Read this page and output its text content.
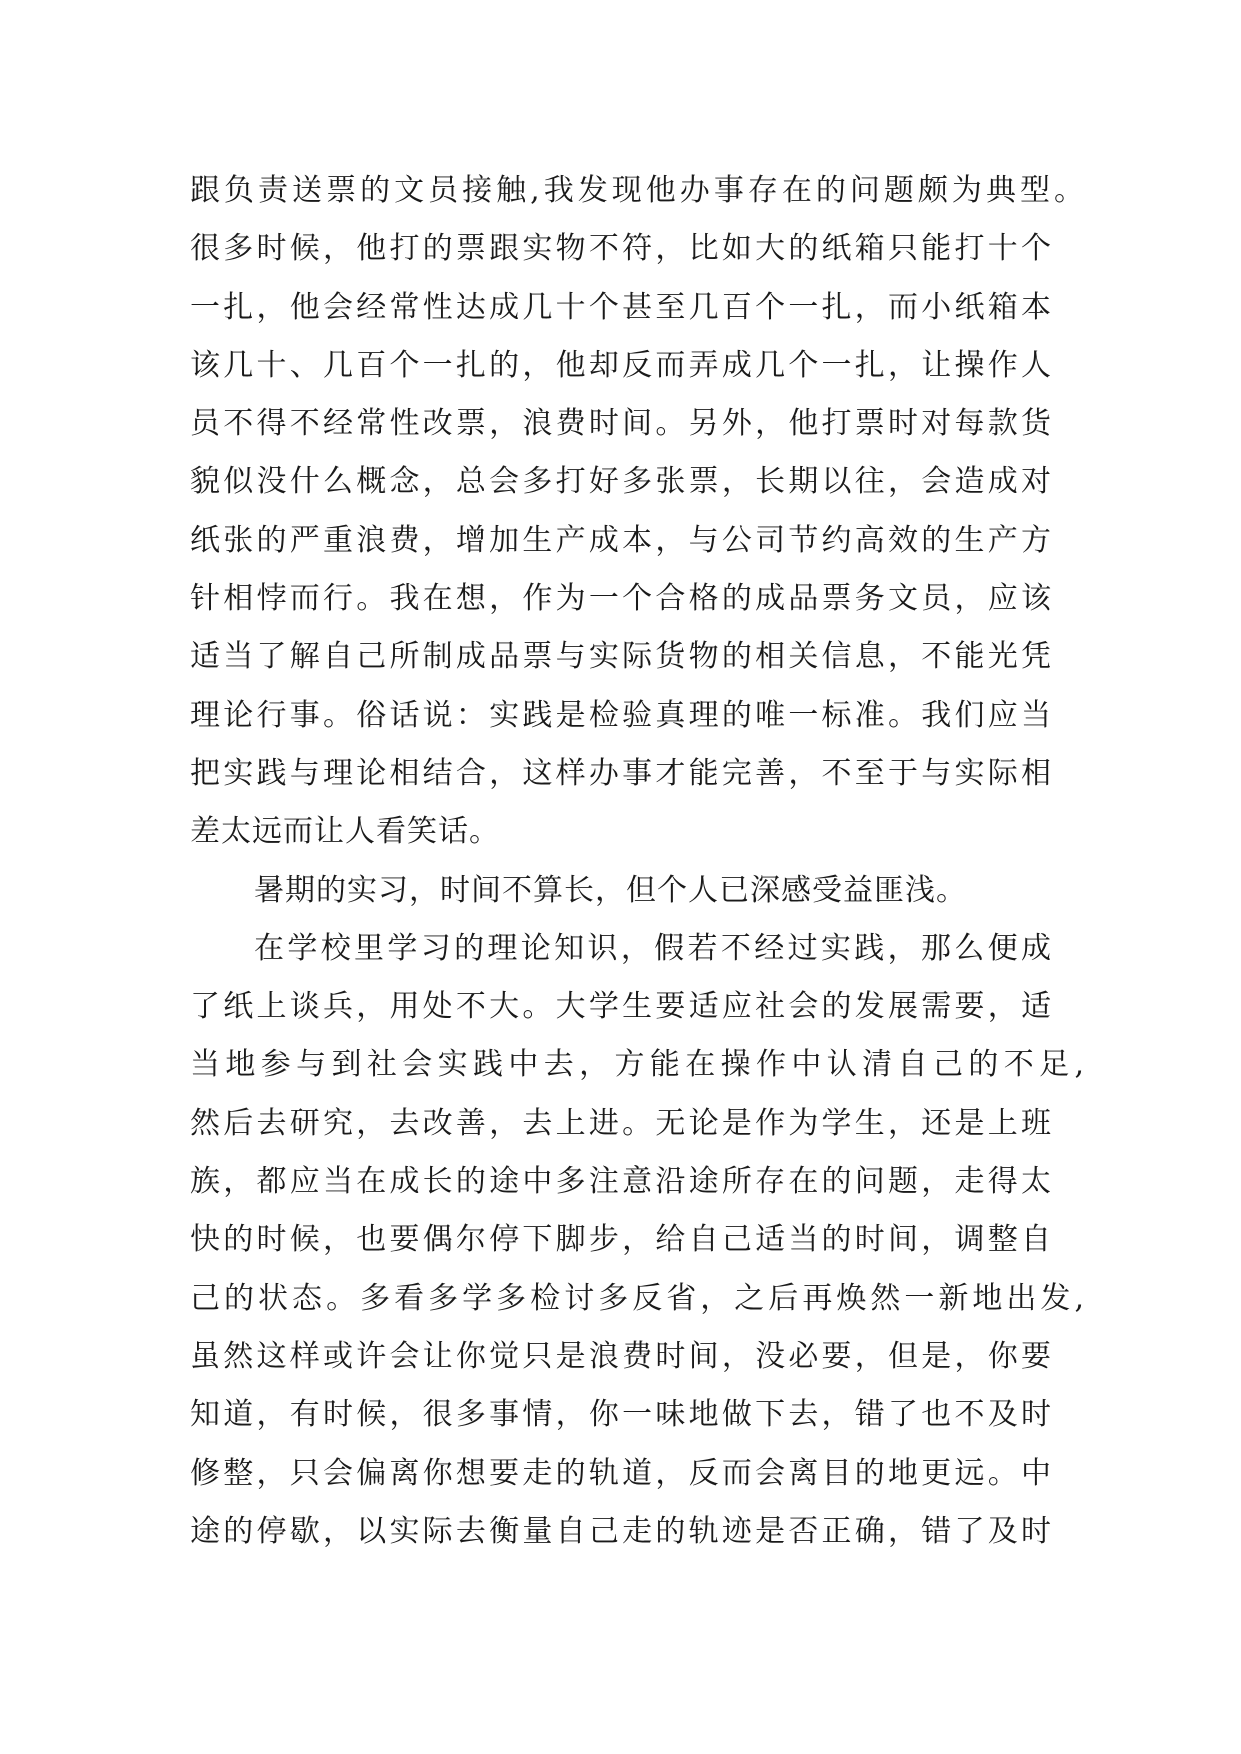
跟负责送票的文员接触,我发现他办事存在的问题颇为典型。
很多时候，他打的票跟实物不符，比如大的纸箱只能打十个
一扎，他会经常性达成几十个甚至几百个一扎，而小纸箱本
该几十、几百个一扎的，他却反而弄成几个一扎，让操作人
员不得不经常性改票，浪费时间。另外，他打票时对每款货
貌似没什么概念，总会多打好多张票，长期以往，会造成对
纸张的严重浪费，增加生产成本，与公司节约高效的生产方
针相悖而行。我在想，作为一个合格的成品票务文员，应该
适当了解自己所制成品票与实际货物的相关信息，不能光凭
理论行事。俗话说：实践是检验真理的唯一标准。我们应当
把实践与理论相结合，这样办事才能完善，不至于与实际相
差太远而让人看笑话。
暑期的实习，时间不算长，但个人已深感受益匪浅。
在学校里学习的理论知识，假若不经过实践，那么便成
了纸上谈兵，用处不大。大学生要适应社会的发展需要，适
当地参与到社会实践中去，方能在操作中认清自己的不足,
然后去研究，去改善，去上进。无论是作为学生，还是上班
族，都应当在成长的途中多注意沿途所存在的问题，走得太
快的时候，也要偶尔停下脚步，给自己适当的时间，调整自
己的状态。多看多学多检讨多反省，之后再焕然一新地出发,
虽然这样或许会让你觉只是浪费时间，没必要，但是，你要
知道，有时候，很多事情，你一味地做下去，错了也不及时
修整，只会偏离你想要走的轨道，反而会离目的地更远。中
途的停歇，以实际去衡量自己走的轨迹是否正确，错了及时
